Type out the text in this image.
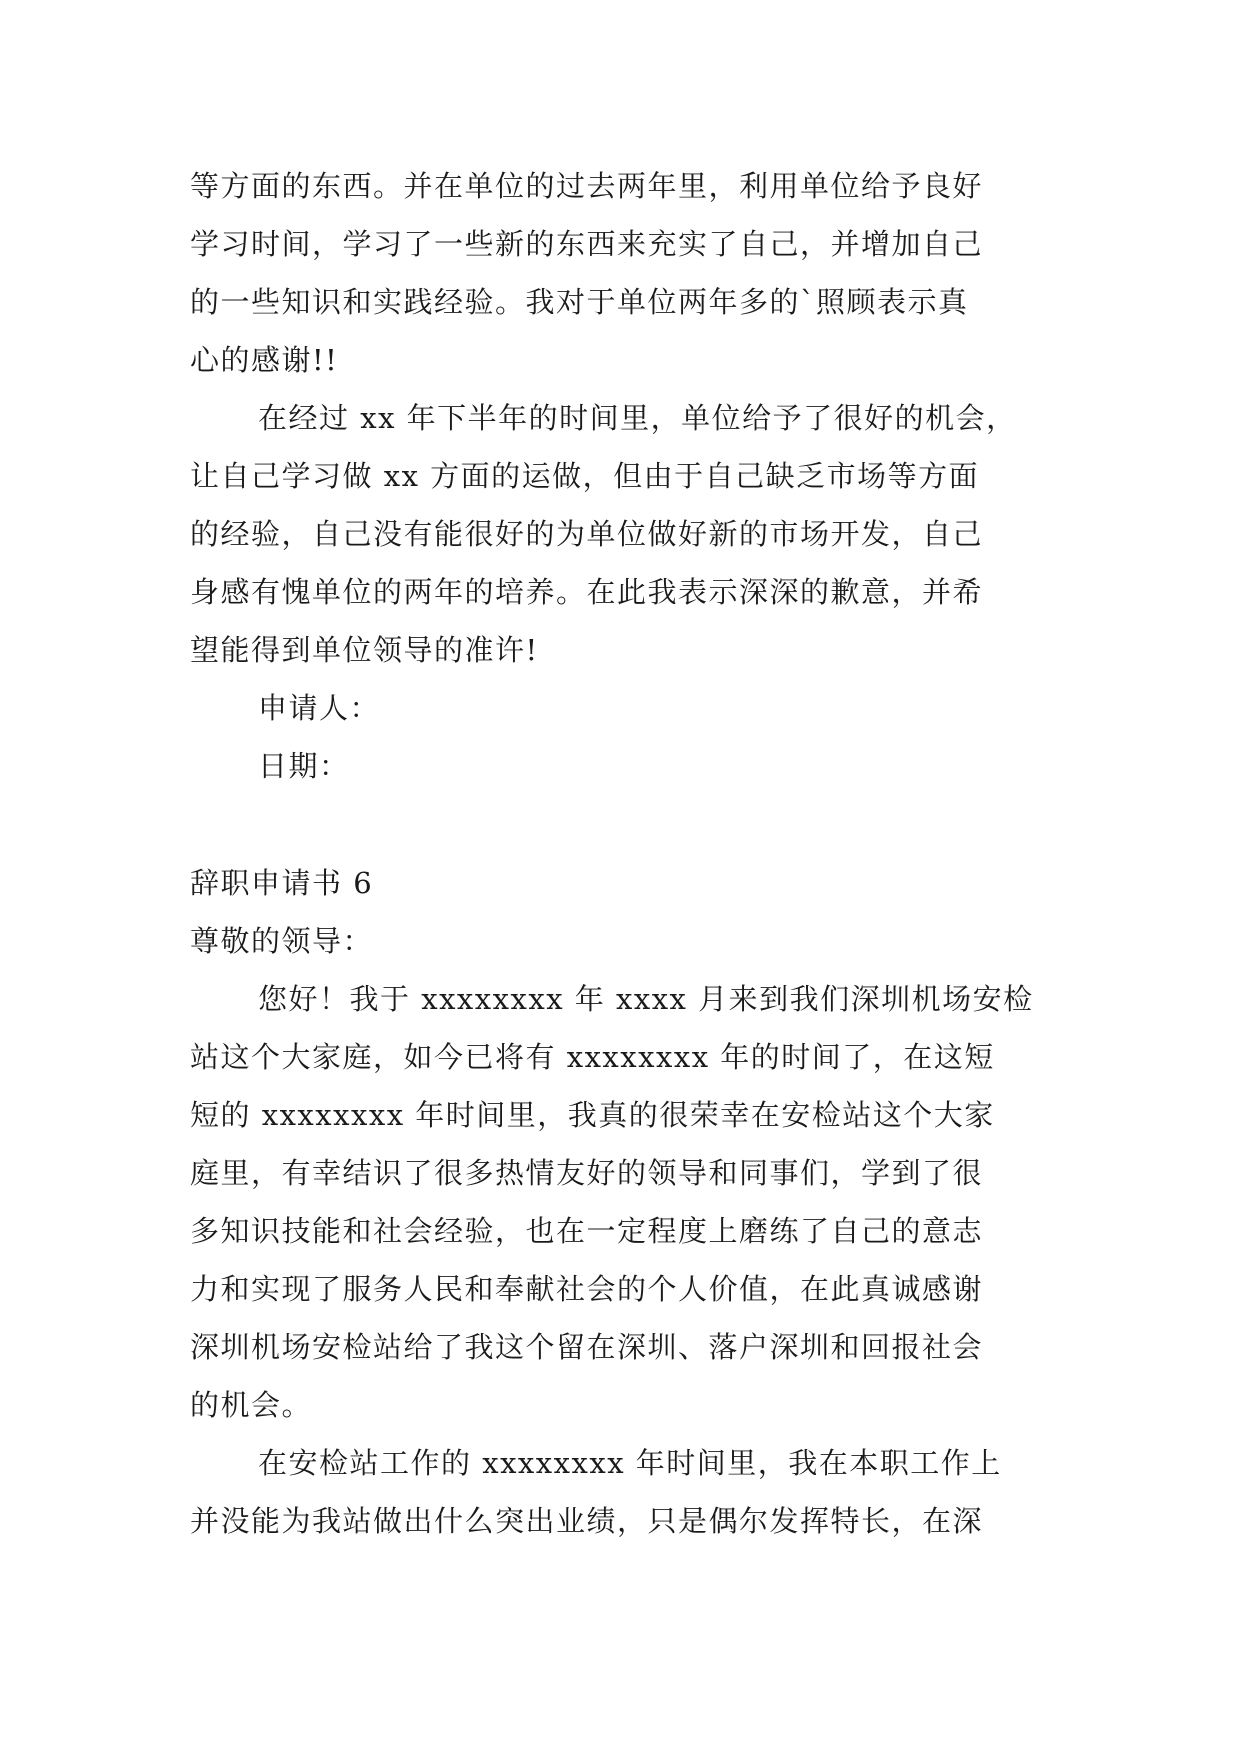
等方面的东西。并在单位的过去两年里，利用单位给予良好
学习时间，学习了一些新的东西来充实了自己，并增加自己
的一些知识和实践经验。我对于单位两年多的`照顾表示真
心的感谢!!
在经过 xx 年下半年的时间里，单位给予了很好的机会，
让自己学习做 xx 方面的运做，但由于自己缺乏市场等方面
的经验，自己没有能很好的为单位做好新的市场开发，自己
身感有愧单位的两年的培养。在此我表示深深的歉意，并希
望能得到单位领导的准许!
申请人：
日期：
辞职申请书 6
尊敬的领导：
您好！我于 xxxxxxxx 年 xxxx 月来到我们深圳机场安检
站这个大家庭，如今已将有 xxxxxxxx 年的时间了，在这短
短的 xxxxxxxx 年时间里，我真的很荣幸在安检站这个大家
庭里，有幸结识了很多热情友好的领导和同事们，学到了很
多知识技能和社会经验，也在一定程度上磨练了自己的意志
力和实现了服务人民和奉献社会的个人价值，在此真诚感谢
深圳机场安检站给了我这个留在深圳、落户深圳和回报社会
的机会。
在安检站工作的 xxxxxxxx 年时间里，我在本职工作上
并没能为我站做出什么突出业绩，只是偶尔发挥特长，在深
